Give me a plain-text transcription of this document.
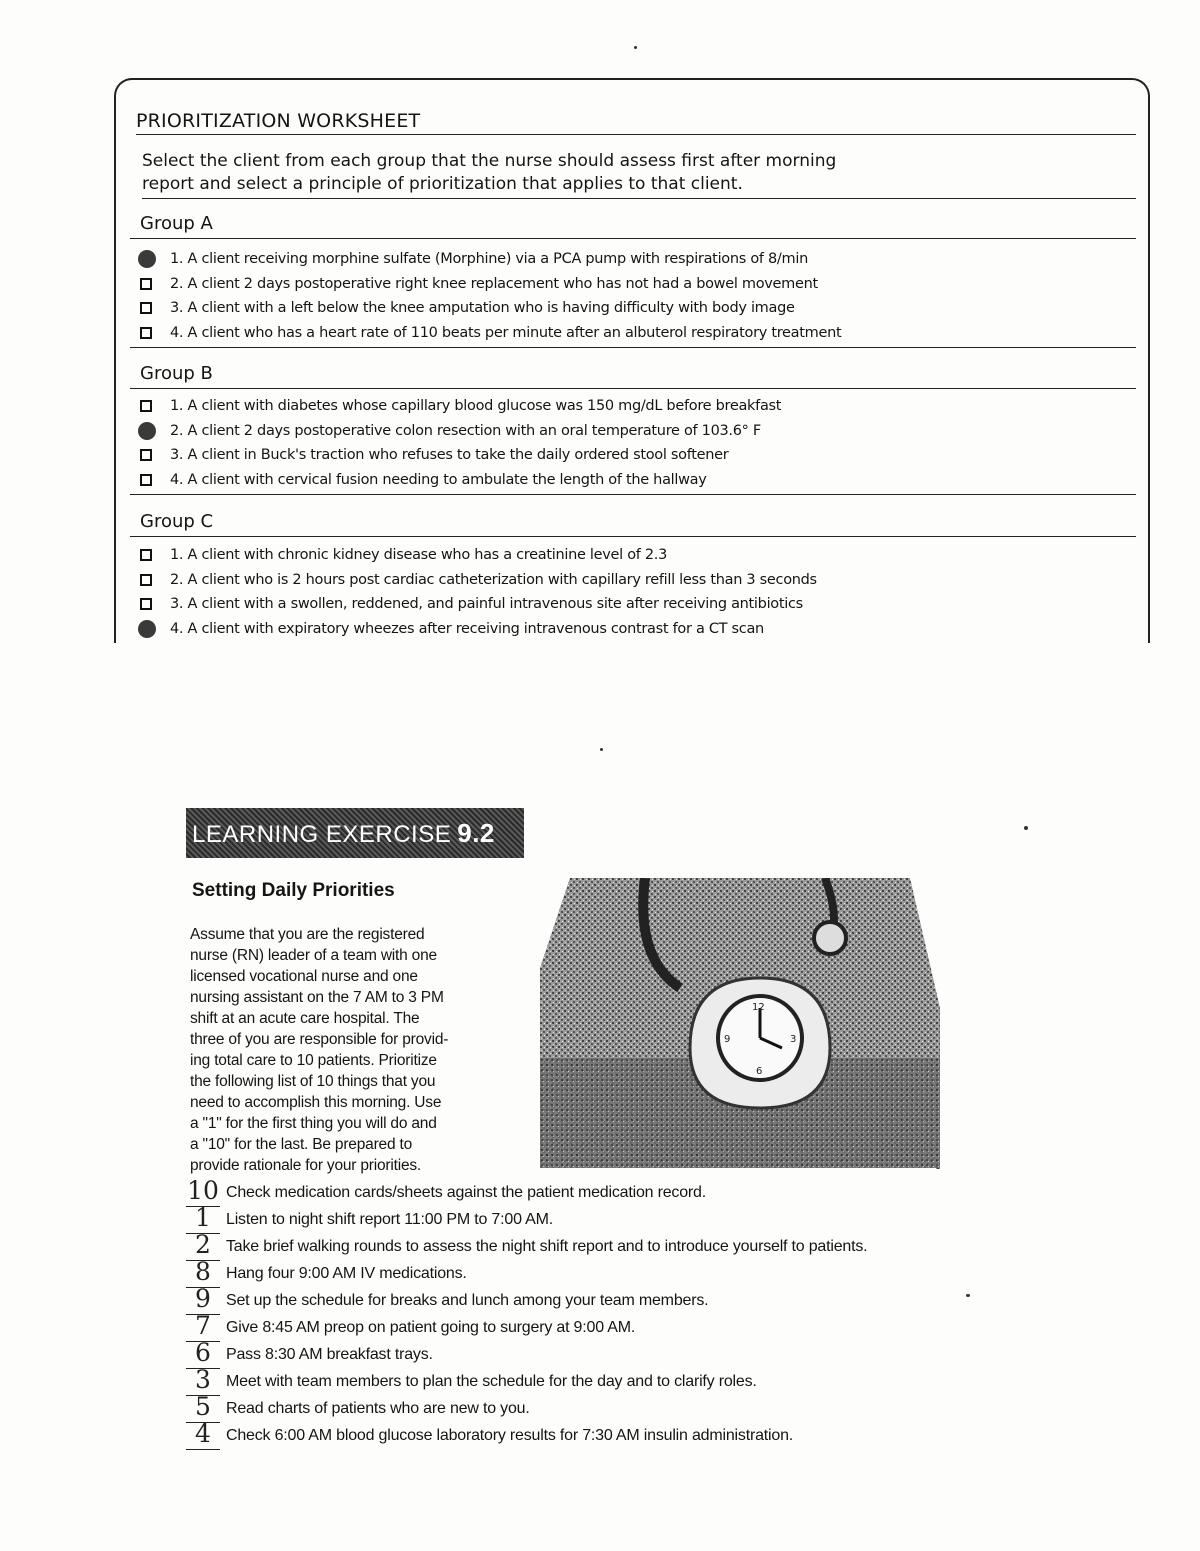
PRIORITIZATION WORKSHEET
Select the client from each group that the nurse should assess first after morning
report and select a principle of prioritization that applies to that client.
Group A
1. A client receiving morphine sulfate (Morphine) via a PCA pump with respirations of 8/min
2. A client 2 days postoperative right knee replacement who has not had a bowel movement
3. A client with a left below the knee amputation who is having difficulty with body image
4. A client who has a heart rate of 110 beats per minute after an albuterol respiratory treatment
Group B
1. A client with diabetes whose capillary blood glucose was 150 mg/dL before breakfast
2. A client 2 days postoperative colon resection with an oral temperature of 103.6° F
3. A client in Buck's traction who refuses to take the daily ordered stool softener
4. A client with cervical fusion needing to ambulate the length of the hallway
Group C
1. A client with chronic kidney disease who has a creatinine level of 2.3
2. A client who is 2 hours post cardiac catheterization with capillary refill less than 3 seconds
3. A client with a swollen, reddened, and painful intravenous site after receiving antibiotics
4. A client with expiratory wheezes after receiving intravenous contrast for a CT scan
LEARNING EXERCISE 9.2
Setting Daily Priorities
Assume that you are the registered
nurse (RN) leader of a team with one
licensed vocational nurse and one
nursing assistant on the 7 AM to 3 PM
shift at an acute care hospital. The
three of you are responsible for provid-
ing total care to 10 patients. Prioritize
the following list of 10 things that you
need to accomplish this morning. Use
a "1" for the first thing you will do and
a "10" for the last. Be prepared to
provide rationale for your priorities.
12
3
6
9
10 Check medication cards/sheets against the patient medication record.
1 Listen to night shift report 11:00 PM to 7:00 AM.
2 Take brief walking rounds to assess the night shift report and to introduce yourself to patients.
8 Hang four 9:00 AM IV medications.
9 Set up the schedule for breaks and lunch among your team members.
7 Give 8:45 AM preop on patient going to surgery at 9:00 AM.
6 Pass 8:30 AM breakfast trays.
3 Meet with team members to plan the schedule for the day and to clarify roles.
5 Read charts of patients who are new to you.
4 Check 6:00 AM blood glucose laboratory results for 7:30 AM insulin administration.
